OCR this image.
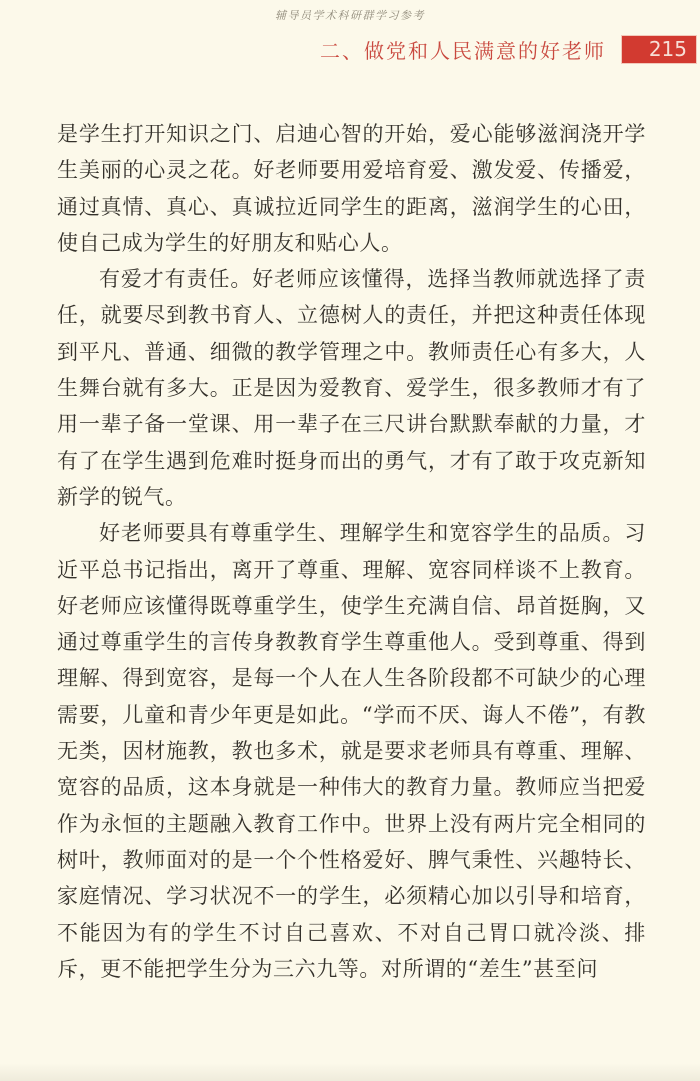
辅导员学术科研群学习参考
二、做党和人民满意的好老师	215

是学生打开知识之门、启迪心智的开始，爱心能够滋润浇开学生美丽的心灵之花。好老师要用爱培育爱、激发爱、传播爱，通过真情、真心、真诚拉近同学生的距离，滋润学生的心田，使自己成为学生的好朋友和贴心人。

有爱才有责任。好老师应该懂得，选择当教师就选择了责任，就要尽到教书育人、立德树人的责任，并把这种责任体现到平凡、普通、细微的教学管理之中。教师责任心有多大，人生舞台就有多大。正是因为爱教育、爱学生，很多教师才有了用一辈子备一堂课、用一辈子在三尺讲台默默奉献的力量，才有了在学生遇到危难时挺身而出的勇气，才有了敢于攻克新知新学的锐气。

好老师要具有尊重学生、理解学生和宽容学生的品质。习近平总书记指出，离开了尊重、理解、宽容同样谈不上教育。好老师应该懂得既尊重学生，使学生充满自信、昂首挺胸，又通过尊重学生的言传身教教育学生尊重他人。受到尊重、得到理解、得到宽容，是每一个人在人生各阶段都不可缺少的心理需要，儿童和青少年更是如此。“学而不厌、诲人不倦”，有教无类，因材施教，教也多术，就是要求老师具有尊重、理解、宽容的品质，这本身就是一种伟大的教育力量。教师应当把爱作为永恒的主题融入教育工作中。世界上没有两片完全相同的树叶，教师面对的是一个个性格爱好、脾气秉性、兴趣特长、家庭情况、学习状况不一的学生，必须精心加以引导和培育，不能因为有的学生不讨自己喜欢、不对自己胃口就冷淡、排斥，更不能把学生分为三六九等。对所谓的“差生”甚至问
